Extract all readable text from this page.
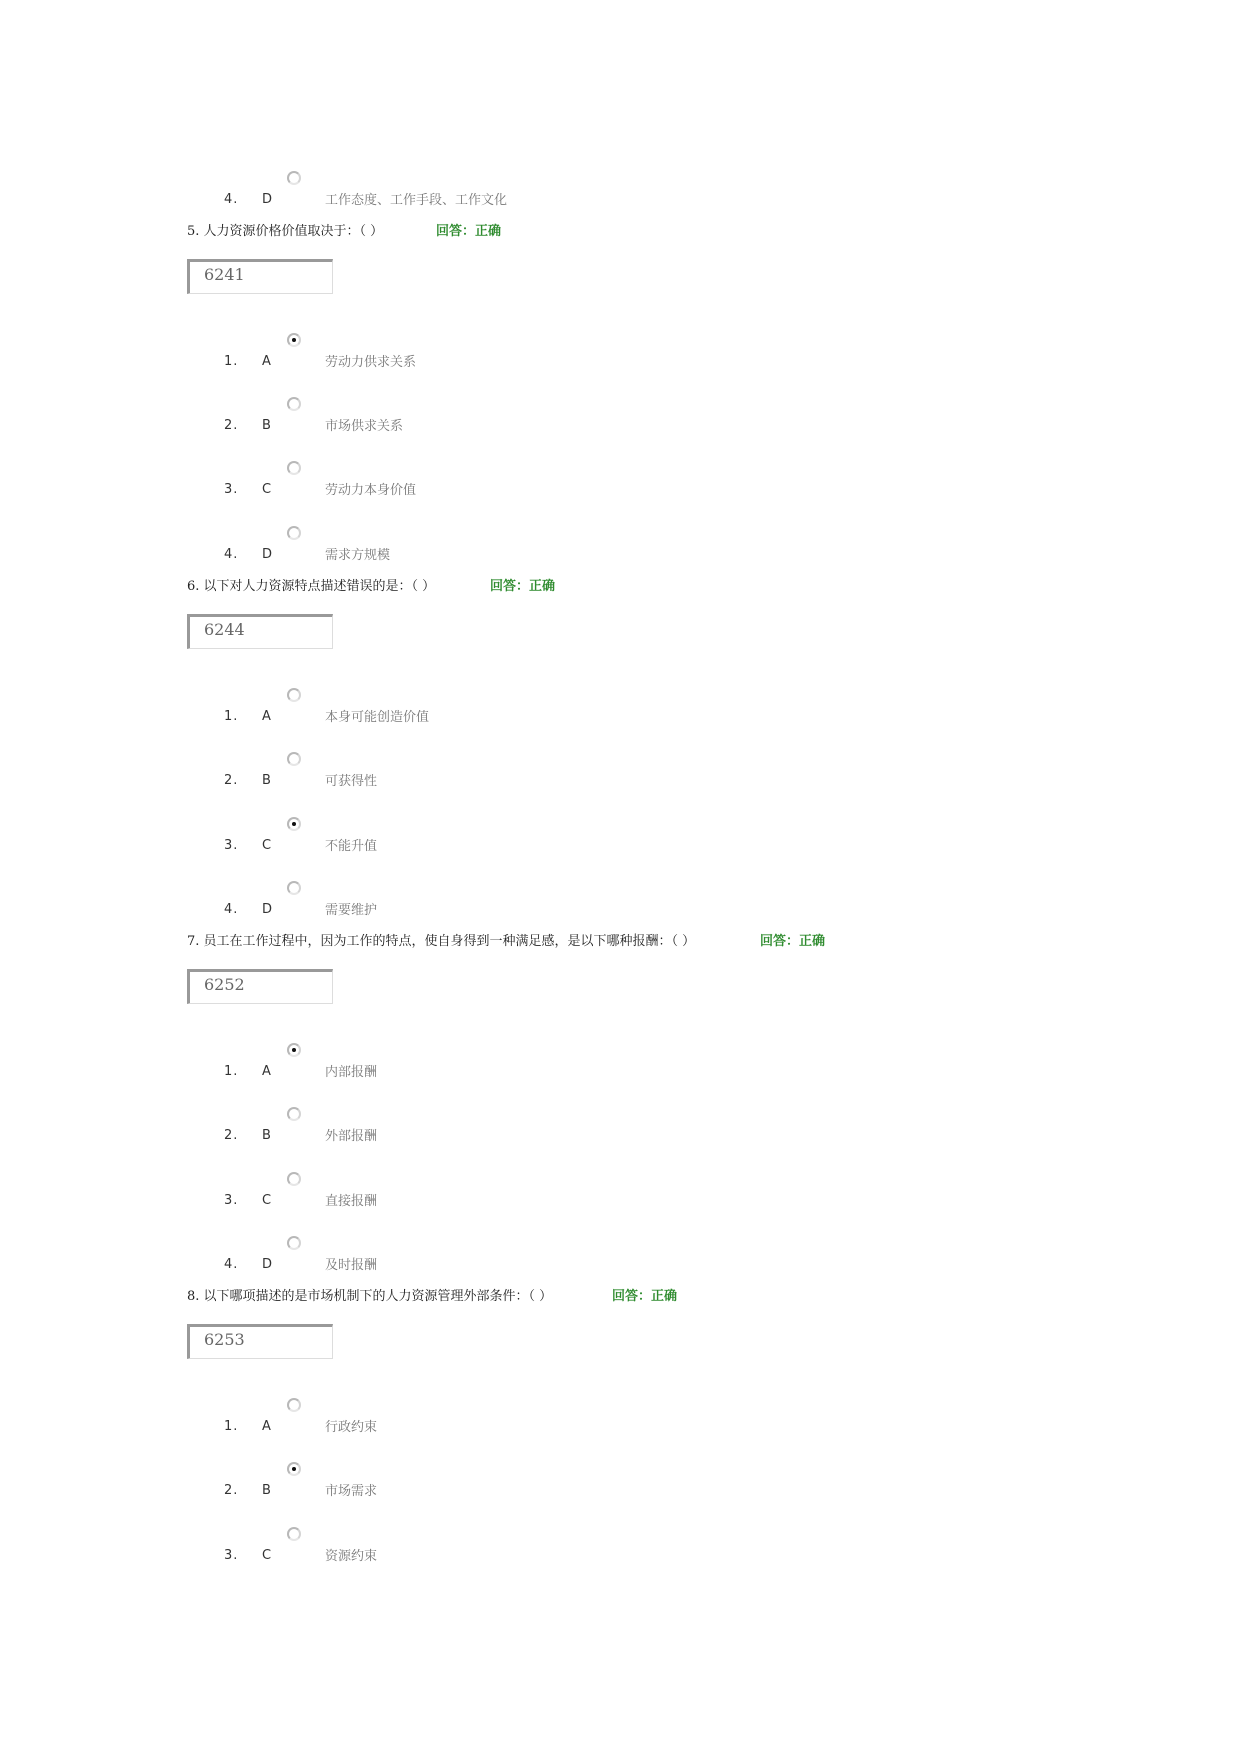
4. D	工作态度、工作手段、工作文化
5. 人力资源价格价值取决于：（ ）	回答：正确
6241
1. A	劳动力供求关系
2. B	市场供求关系
3. C	劳动力本身价值
4. D	需求方规模
6. 以下对人力资源特点描述错误的是：（ ）	回答：正确
6244
1. A	本身可能创造价值
2. B	可获得性
3. C	不能升值
4. D	需要维护
7. 员工在工作过程中，因为工作的特点，使自身得到一种满足感，是以下哪种报酬：（ ）	回答：正确
6252
1. A	内部报酬
2. B	外部报酬
3. C	直接报酬
4. D	及时报酬
8. 以下哪项描述的是市场机制下的人力资源管理外部条件：（ ）	回答：正确
6253
1. A	行政约束
2. B	市场需求
3. C	资源约束
